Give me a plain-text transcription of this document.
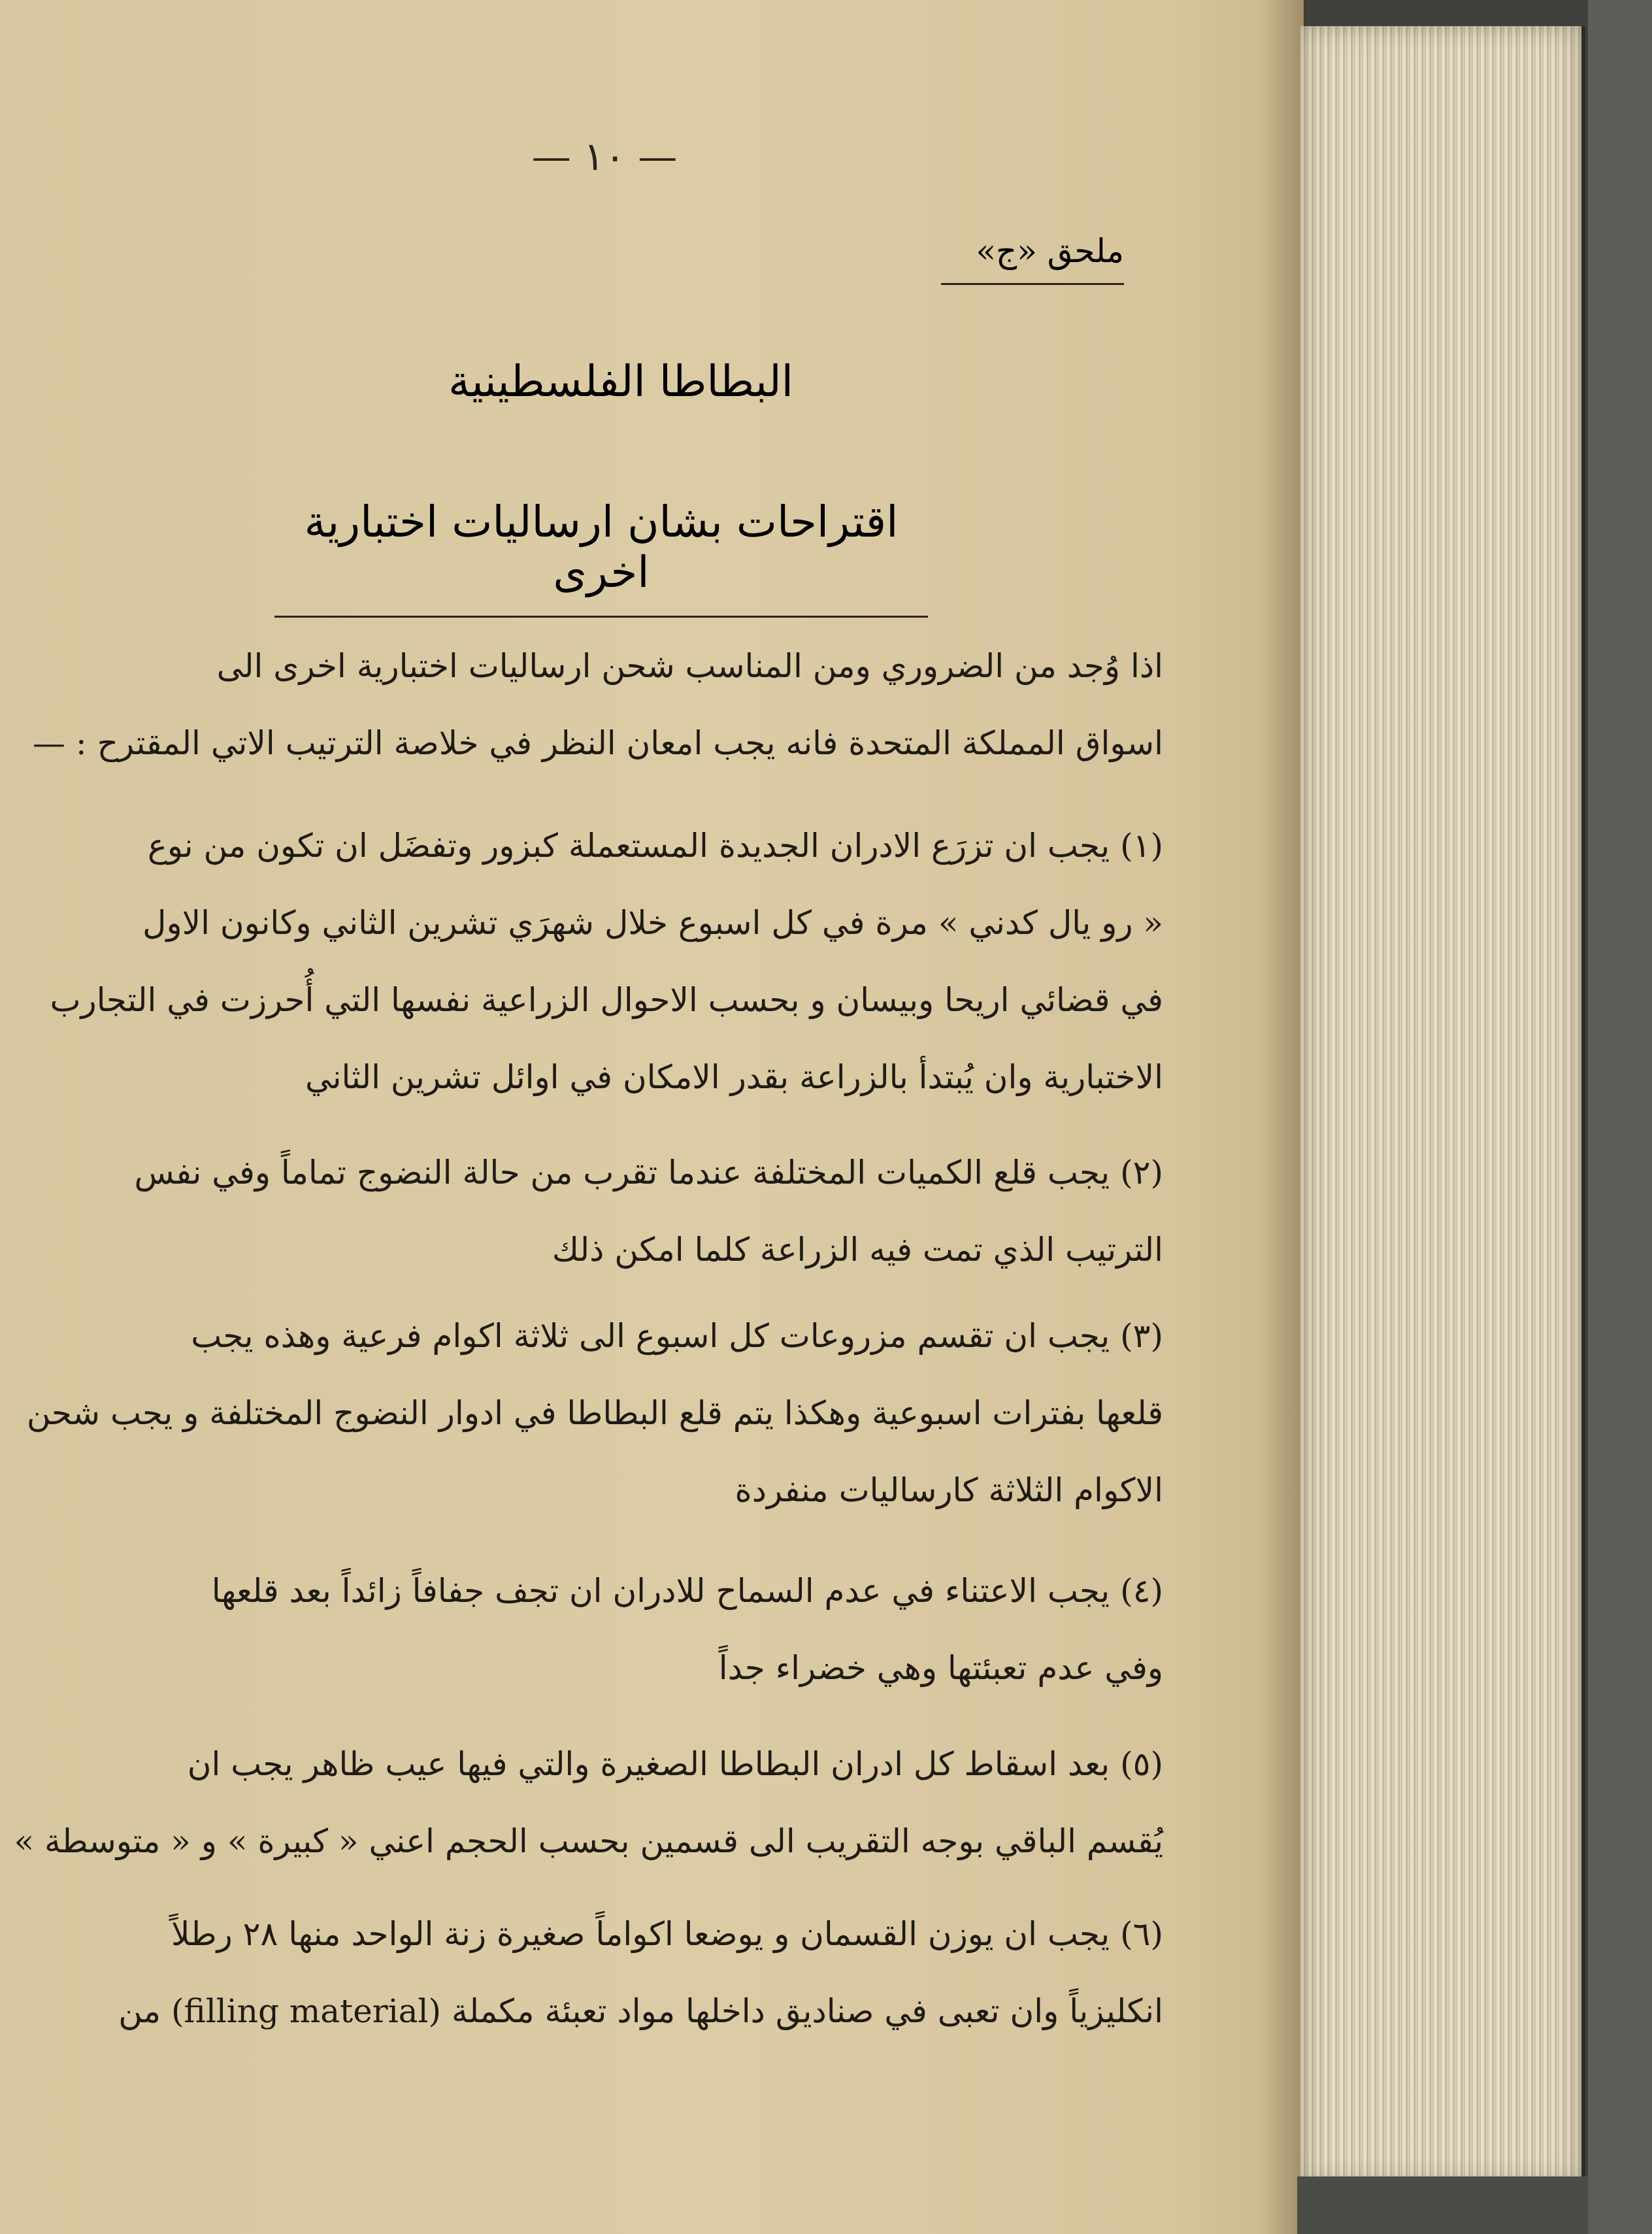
— ١٠ —
ملحق «ج»
البطاطا الفلسطينية
اقتراحات بشان ارساليات اختبارية اخرى
اذا وُجد من الضروري ومن المناسب شحن ارساليات اختبارية اخرى الى
اسواق المملكة المتحدة فانه يجب امعان النظر في خلاصة الترتيب الاتي المقترح : —
(١) يجب ان تزرَع الادران الجديدة المستعملة كبزور وتفضَل ان تكون من نوع
« رو يال كدني » مرة في كل اسبوع خلال شهرَي تشرين الثاني وكانون الاول
في قضائي اريحا وبيسان و بحسب الاحوال الزراعية نفسها التي أُحرزت في التجارب
الاختبارية وان يُبتدأ بالزراعة بقدر الامكان في اوائل تشرين الثاني
(٢) يجب قلع الكميات المختلفة عندما تقرب من حالة النضوج تماماً وفي نفس
الترتيب الذي تمت فيه الزراعة كلما امكن ذلك
(٣) يجب ان تقسم مزروعات كل اسبوع الى ثلاثة اكوام فرعية وهذه يجب
قلعها بفترات اسبوعية وهكذا يتم قلع البطاطا في ادوار النضوج المختلفة و يجب شحن
الاكوام الثلاثة كارساليات منفردة
(٤) يجب الاعتناء في عدم السماح للادران ان تجف جفافاً زائداً بعد قلعها
وفي عدم تعبئتها وهي خضراء جداً
(٥) بعد اسقاط كل ادران البطاطا الصغيرة والتي فيها عيب ظاهر يجب ان
يُقسم الباقي بوجه التقريب الى قسمين بحسب الحجم اعني « كبيرة » و « متوسطة »
(٦) يجب ان يوزن القسمان و يوضعا اكواماً صغيرة زنة الواحد منها ٢٨ رطلاً
انكليزياً وان تعبى في صناديق داخلها مواد تعبئة مكملة (filling material) من
